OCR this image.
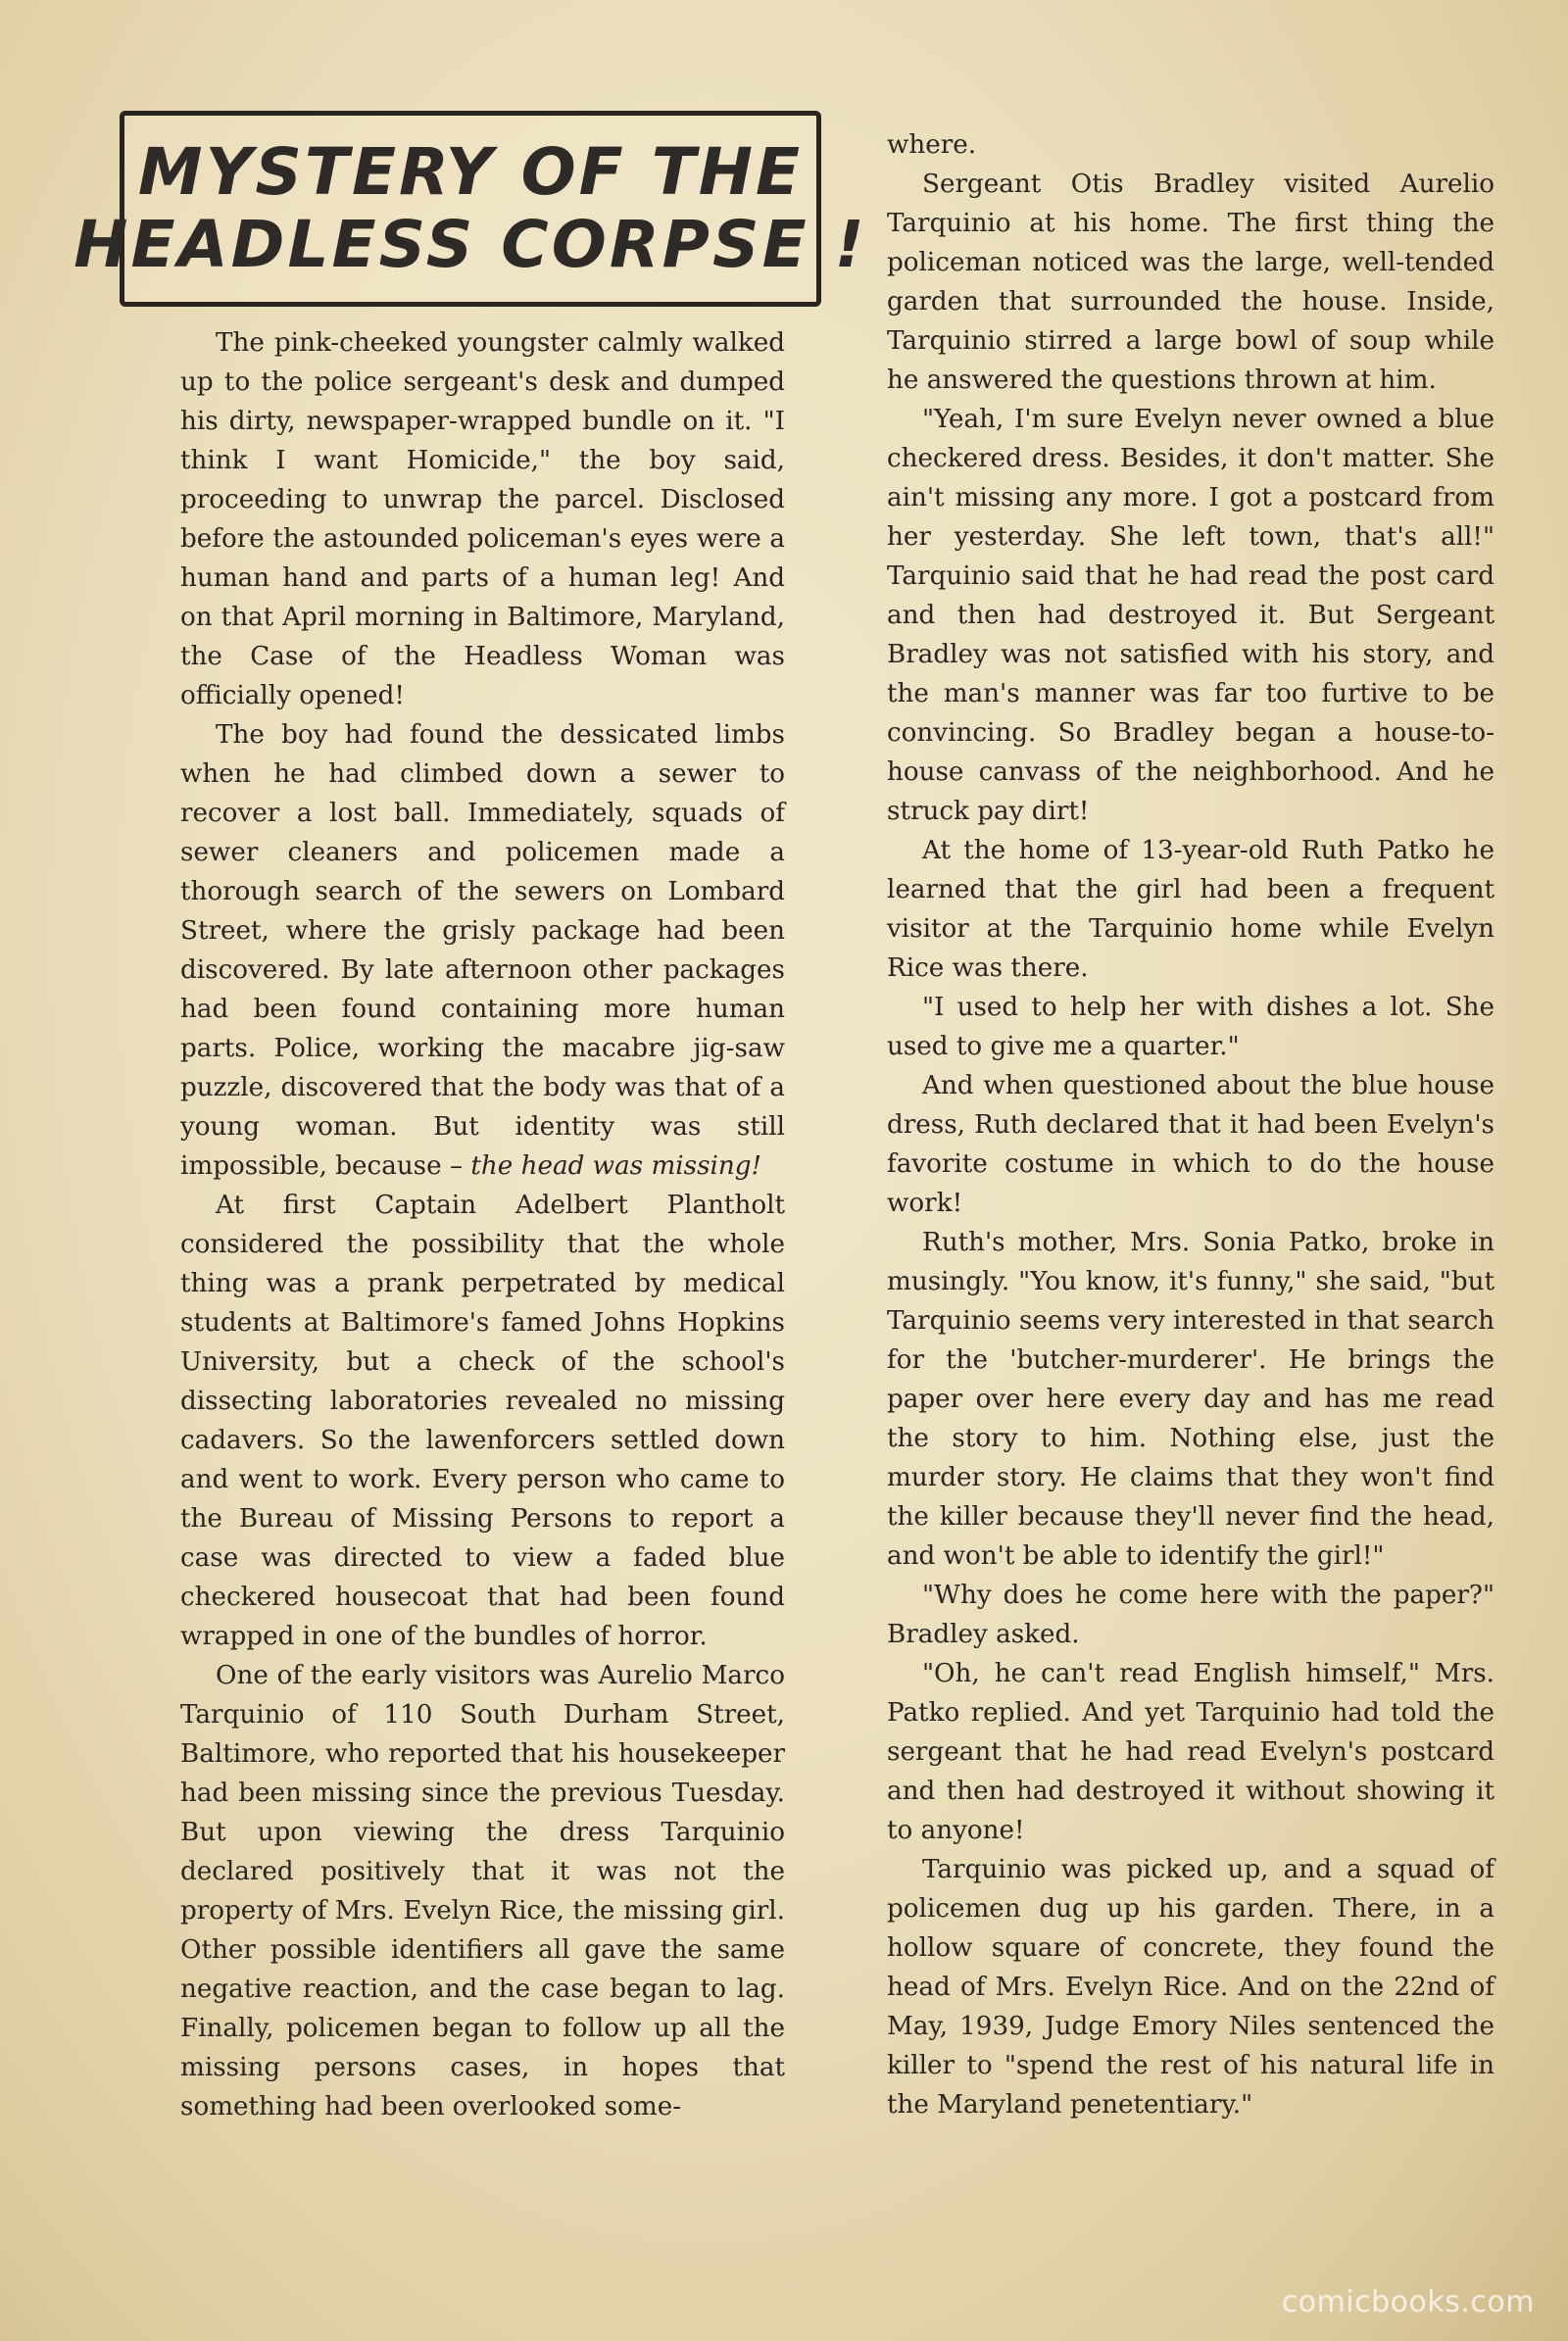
MYSTERY OF THE
HEADLESS CORPSE !

The pink-cheeked youngster calmly walked up to the police sergeant's desk and dumped his dirty, newspaper-wrapped bundle on it. "I think I want Homicide," the boy said, proceeding to unwrap the parcel. Disclosed before the astounded policeman's eyes were a human hand and parts of a human leg! And on that April morning in Baltimore, Maryland, the Case of the Headless Woman was officially opened!

The boy had found the dessicated limbs when he had climbed down a sewer to recover a lost ball. Immediately, squads of sewer cleaners and policemen made a thorough search of the sewers on Lombard Street, where the grisly package had been discovered. By late afternoon other packages had been found containing more human parts. Police, working the macabre jig-saw puzzle, discovered that the body was that of a young woman. But identity was still impossible, because – the head was missing!

At first Captain Adelbert Plantholt considered the possibility that the whole thing was a prank perpetrated by medical students at Baltimore's famed Johns Hopkins University, but a check of the school's dissecting laboratories revealed no missing cadavers. So the lawenforcers settled down and went to work. Every person who came to the Bureau of Missing Persons to report a case was directed to view a faded blue checkered housecoat that had been found wrapped in one of the bundles of horror.

One of the early visitors was Aurelio Marco Tarquinio of 110 South Durham Street, Baltimore, who reported that his housekeeper had been missing since the previous Tuesday. But upon viewing the dress Tarquinio declared positively that it was not the property of Mrs. Evelyn Rice, the missing girl. Other possible identifiers all gave the same negative reaction, and the case began to lag. Finally, policemen began to follow up all the missing persons cases, in hopes that something had been overlooked some-

where.

Sergeant Otis Bradley visited Aurelio Tarquinio at his home. The first thing the policeman noticed was the large, well-tended garden that surrounded the house. Inside, Tarquinio stirred a large bowl of soup while he answered the questions thrown at him.

"Yeah, I'm sure Evelyn never owned a blue checkered dress. Besides, it don't matter. She ain't missing any more. I got a postcard from her yesterday. She left town, that's all!" Tarquinio said that he had read the post card and then had destroyed it. But Sergeant Bradley was not satisfied with his story, and the man's manner was far too furtive to be convincing. So Bradley began a house-to-house canvass of the neighborhood. And he struck pay dirt!

At the home of 13-year-old Ruth Patko he learned that the girl had been a frequent visitor at the Tarquinio home while Evelyn Rice was there.

"I used to help her with dishes a lot. She used to give me a quarter."

And when questioned about the blue house dress, Ruth declared that it had been Evelyn's favorite costume in which to do the house work!

Ruth's mother, Mrs. Sonia Patko, broke in musingly. "You know, it's funny," she said, "but Tarquinio seems very interested in that search for the 'butcher-murderer'. He brings the paper over here every day and has me read the story to him. Nothing else, just the murder story. He claims that they won't find the killer because they'll never find the head, and won't be able to identify the girl!"

"Why does he come here with the paper?" Bradley asked.

"Oh, he can't read English himself," Mrs. Patko replied. And yet Tarquinio had told the sergeant that he had read Evelyn's postcard and then had destroyed it without showing it to anyone!

Tarquinio was picked up, and a squad of policemen dug up his garden. There, in a hollow square of concrete, they found the head of Mrs. Evelyn Rice. And on the 22nd of May, 1939, Judge Emory Niles sentenced the killer to "spend the rest of his natural life in the Maryland penetentiary."

comicbooks.com
